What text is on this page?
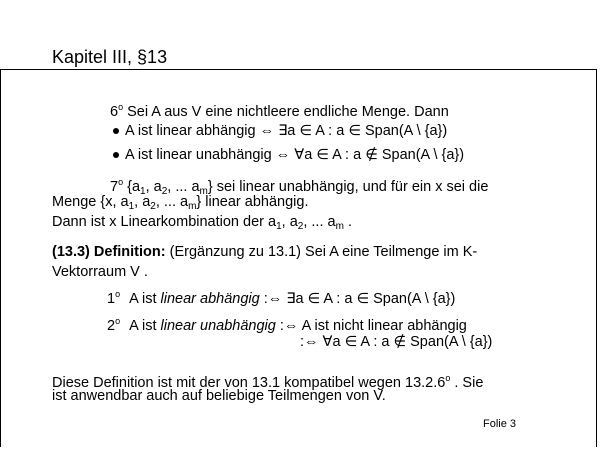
Kapitel III, §13
6$^o$ Sei A aus V eine nichtleere endliche Menge. Dann
A ist linear abhängig ⇔ ∃a ∈ A : a ∈ Span(A \ {a})
A ist linear unabhängig ⇔ ∀a ∈ A : a ∉ Span(A \ {a})
7$^o$ {$a_1$, $a_2$, ... $a_m$} sei linear unabhängig, und für ein x sei die
Menge {x, $a_1$, $a_2$, ... $a_m$} linear abhängig.
Dann ist x Linearkombination der $a_1$, $a_2$, ... $a_m$ .
(13.3) Definition: (Ergänzung zu 13.1) Sei A eine Teilmenge im K-
Vektorraum V .
1$^o$ A ist linear abhängig :⇔ ∃a ∈ A : a ∈ Span(A \ {a})
2$^o$ A ist linear unabhängig :⇔ A ist nicht linear abhängig
:⇔ ∀a ∈ A : a ∉ Span(A \ {a})
Diese Definition ist mit der von 13.1 kompatibel wegen 13.2.6$^o$ . Sie
ist anwendbar auch auf beliebige Teilmengen von V.
Folie 3
